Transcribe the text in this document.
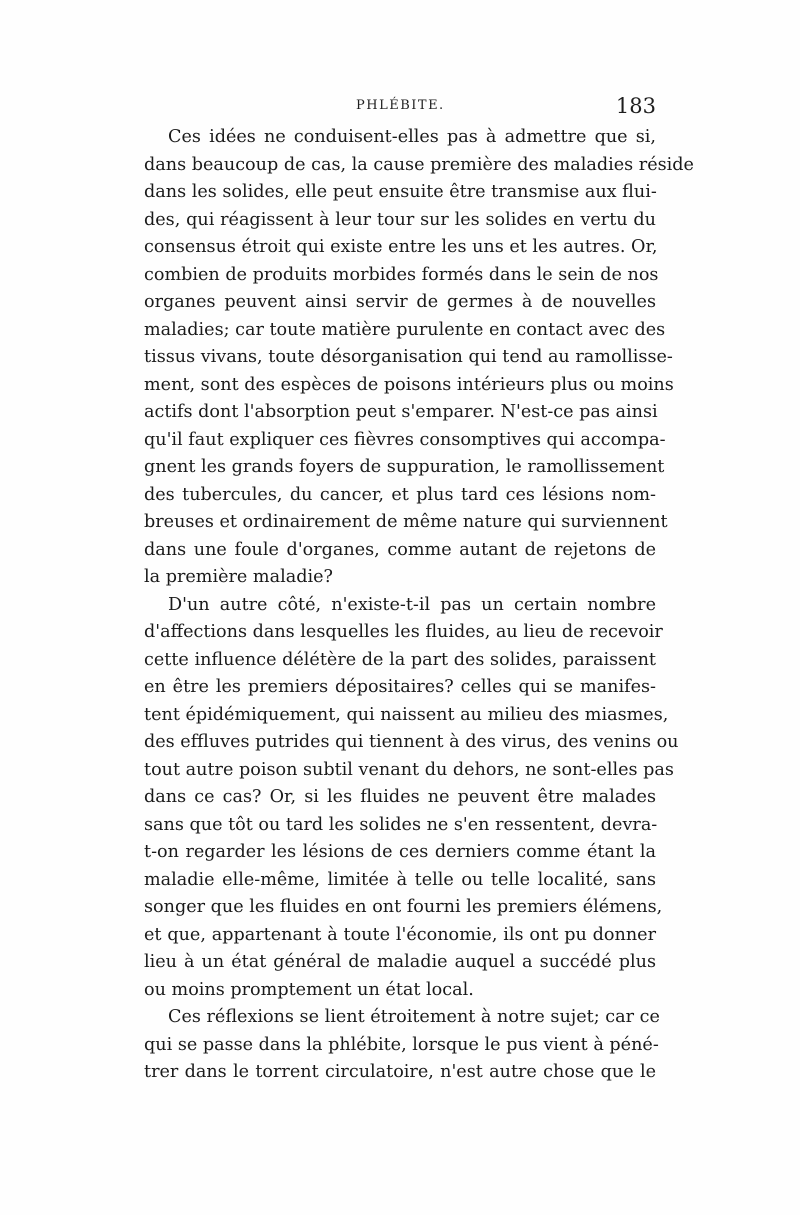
PHLÉBITE.	183
Ces idées ne conduisent-elles pas à admettre que si,
dans beaucoup de cas, la cause première des maladies réside
dans les solides, elle peut ensuite être transmise aux flui-
des, qui réagissent à leur tour sur les solides en vertu du
consensus étroit qui existe entre les uns et les autres. Or,
combien de produits morbides formés dans le sein de nos
organes peuvent ainsi servir de germes à de nouvelles
maladies; car toute matière purulente en contact avec des
tissus vivans, toute désorganisation qui tend au ramollisse-
ment, sont des espèces de poisons intérieurs plus ou moins
actifs dont l'absorption peut s'emparer. N'est-ce pas ainsi
qu'il faut expliquer ces fièvres consomptives qui accompa-
gnent les grands foyers de suppuration, le ramollissement
des tubercules, du cancer, et plus tard ces lésions nom-
breuses et ordinairement de même nature qui surviennent
dans une foule d'organes, comme autant de rejetons de
la première maladie?
D'un autre côté, n'existe-t-il pas un certain nombre
d'affections dans lesquelles les fluides, au lieu de recevoir
cette influence délétère de la part des solides, paraissent
en être les premiers dépositaires? celles qui se manifes-
tent épidémiquement, qui naissent au milieu des miasmes,
des effluves putrides qui tiennent à des virus, des venins ou
tout autre poison subtil venant du dehors, ne sont-elles pas
dans ce cas? Or, si les fluides ne peuvent être malades
sans que tôt ou tard les solides ne s'en ressentent, devra-
t-on regarder les lésions de ces derniers comme étant la
maladie elle-même, limitée à telle ou telle localité, sans
songer que les fluides en ont fourni les premiers élémens,
et que, appartenant à toute l'économie, ils ont pu donner
lieu à un état général de maladie auquel a succédé plus
ou moins promptement un état local.
Ces réflexions se lient étroitement à notre sujet; car ce
qui se passe dans la phlébite, lorsque le pus vient à péné-
trer dans le torrent circulatoire, n'est autre chose que le
